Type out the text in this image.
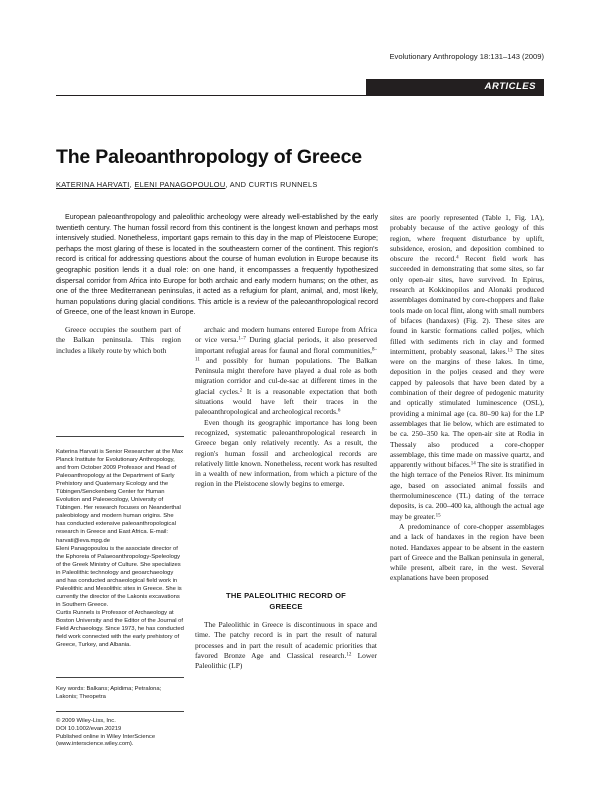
Evolutionary Anthropology 18:131–143 (2009)
ARTICLES
The Paleoanthropology of Greece
KATERINA HARVATI, ELENI PANAGOPOULOU, AND CURTIS RUNNELS

European paleoanthropology and paleolithic archeology were already well-established by the early twentieth century. The human fossil record from this continent is the longest known and perhaps most intensively studied. Nonetheless, important gaps remain to this day in the map of Pleistocene Europe; perhaps the most glaring of these is located in the southeastern corner of the continent. This region's record is critical for addressing questions about the course of human evolution in Europe because its geographic position lends it a dual role: on one hand, it encompasses a frequently hypothesized dispersal corridor from Africa into Europe for both archaic and early modern humans; on the other, as one of the three Mediterranean peninsulas, it acted as a refugium for plant, animal, and, most likely, human populations during glacial conditions. This article is a review of the paleoanthropological record of Greece, one of the least known in Europe.

Greece occupies the southern part of the Balkan peninsula. This region includes a likely route by which both

Katerina Harvati is Senior Researcher at the Max Planck Institute for Evolutionary Anthropology, and from October 2009 Professor and Head of Paleoanthropology at the Department of Early Prehistory and Quaternary Ecology and the Tübingen/Senckenberg Center for Human Evolution and Paleoecology, University of Tübingen. Her research focuses on Neanderthal paleobiology and modern human origins. She has conducted extensive paleoanthropological research in Greece and East Africa. E-mail: harvati@eva.mpg.de

Eleni Panagopoulou is the associate director of the Ephoreia of Palaeoanthropology-Speleology of the Greek Ministry of Culture. She specializes in Paleolithic technology and geoarchaeology and has conducted archaeological field work in Paleolithic and Mesolithic sites in Greece. She is currently the director of the Lakonis excavations in Southern Greece.

Curtis Runnels is Professor of Archaeology at Boston University and the Editor of the Journal of Field Archaeology. Since 1973, he has conducted field work connected with the early prehistory of Greece, Turkey, and Albania.

Key words: Balkans; Apidima; Petralona; Lakonis; Theopetra

© 2009 Wiley-Liss, Inc.
DOI 10.1002/evan.20219
Published online in Wiley InterScience
(www.interscience.wiley.com).

archaic and modern humans entered Europe from Africa or vice versa.$^{1-7}$ During glacial periods, it also preserved important refugial areas for faunal and floral communities,$^{8-11}$ and possibly for human populations. The Balkan Peninsula might therefore have played a dual role as both migration corridor and cul-de-sac at different times in the glacial cycles.$^2$ It is a reasonable expectation that both situations would have left their traces in the paleoanthropological and archeological records.$^6$

Even though its geographic importance has long been recognized, systematic paleoanthropological research in Greece began only relatively recently. As a result, the region's human fossil and archeological records are relatively little known. Nonetheless, recent work has resulted in a wealth of new information, from which a picture of the region in the Pleistocene slowly begins to emerge.

THE PALEOLITHIC RECORD OF
GREECE

The Paleolithic in Greece is discontinuous in space and time. The patchy record is in part the result of natural processes and in part the result of academic priorities that favored Bronze Age and Classical research.$^{12}$ Lower Paleolithic (LP)

sites are poorly represented (Table 1, Fig. 1A), probably because of the active geology of this region, where frequent disturbance by uplift, subsidence, erosion, and deposition combined to obscure the record.$^4$ Recent field work has succeeded in demonstrating that some sites, so far only open-air sites, have survived. In Epirus, research at Kokkinopilos and Alonaki produced assemblages dominated by core-choppers and flake tools made on local flint, along with small numbers of bifaces (handaxes) (Fig. 2). These sites are found in karstic formations called poljes, which filled with sediments rich in clay and formed intermittent, probably seasonal, lakes.$^{13}$ The sites were on the margins of these lakes. In time, deposition in the poljes ceased and they were capped by paleosols that have been dated by a combination of their degree of pedogenic maturity and optically stimulated luminescence (OSL), providing a minimal age (ca. 80–90 ka) for the LP assemblages that lie below, which are estimated to be ca. 250–350 ka. The open-air site at Rodia in Thessaly also produced a core-chopper assemblage, this time made on massive quartz, and apparently without bifaces.$^{14}$ The site is stratified in the high terrace of the Peneios River. Its minimum age, based on associated animal fossils and thermoluminescence (TL) dating of the terrace deposits, is ca. 200–400 ka, although the actual age may be greater.$^{15}$

A predominance of core-chopper assemblages and a lack of handaxes in the region have been noted. Handaxes appear to be absent in the eastern part of Greece and the Balkan peninsula in general, while present, albeit rare, in the west. Several explanations have been proposed
